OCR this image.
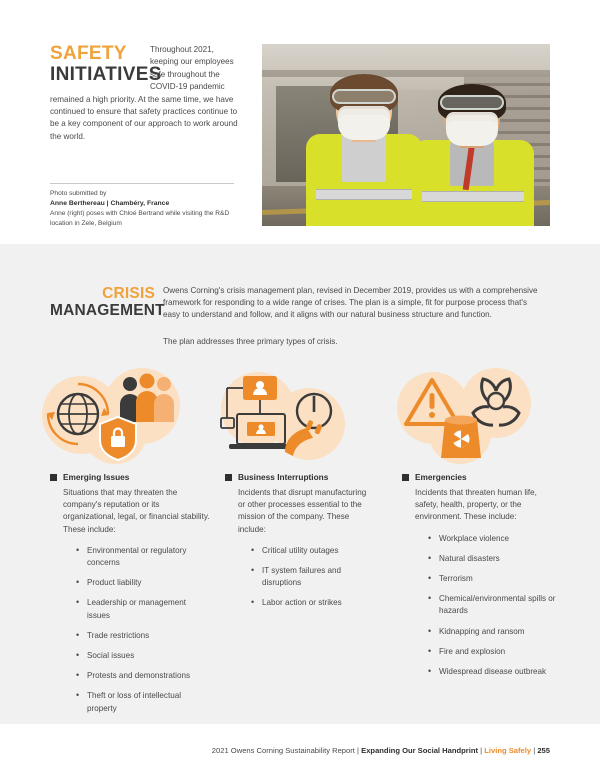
SAFETY
INITIATIVES
Throughout 2021, keeping our employees safe throughout the COVID-19 pandemic remained a high priority. At the same time, we have continued to ensure that safety practices continue to be a key component of our approach to work around the world.
Photo submitted by
Anne Berthereau | Chambéry, France
Anne (right) poses with Chloé Bertrand while visiting the R&D location in Zele, Belgium
CRISIS
MANAGEMENT

Owens Corning's crisis management plan, revised in December 2019, provides us with a comprehensive framework for responding to a wide range of crises. The plan is a simple, fit for purpose process that's easy to understand and follow, and it aligns with our natural business structure and function.

The plan addresses three primary types of crisis.

Emerging Issues
Situations that may threaten the company's reputation or its organizational, legal, or financial stability. These include:
• Environmental or regulatory concerns
• Product liability
• Leadership or management issues
• Trade restrictions
• Social issues
• Protests and demonstrations
• Theft or loss of intellectual property
•
Business Interruptions
Incidents that disrupt manufacturing or other processes essential to the mission of the company. These include:
• Critical utility outages
• IT system failures and disruptions
• Labor action or strikes
Emergencies
Incidents that threaten human life, safety, health, property, or the environment. These include:
• Workplace violence
• Natural disasters
• Terrorism
• Chemical/environmental spills or hazards
• Kidnapping and ransom
• Fire and explosion
• Widespread disease outbreak
2021 Owens Corning Sustainability Report | Expanding Our Social Handprint | Living Safely | 255
